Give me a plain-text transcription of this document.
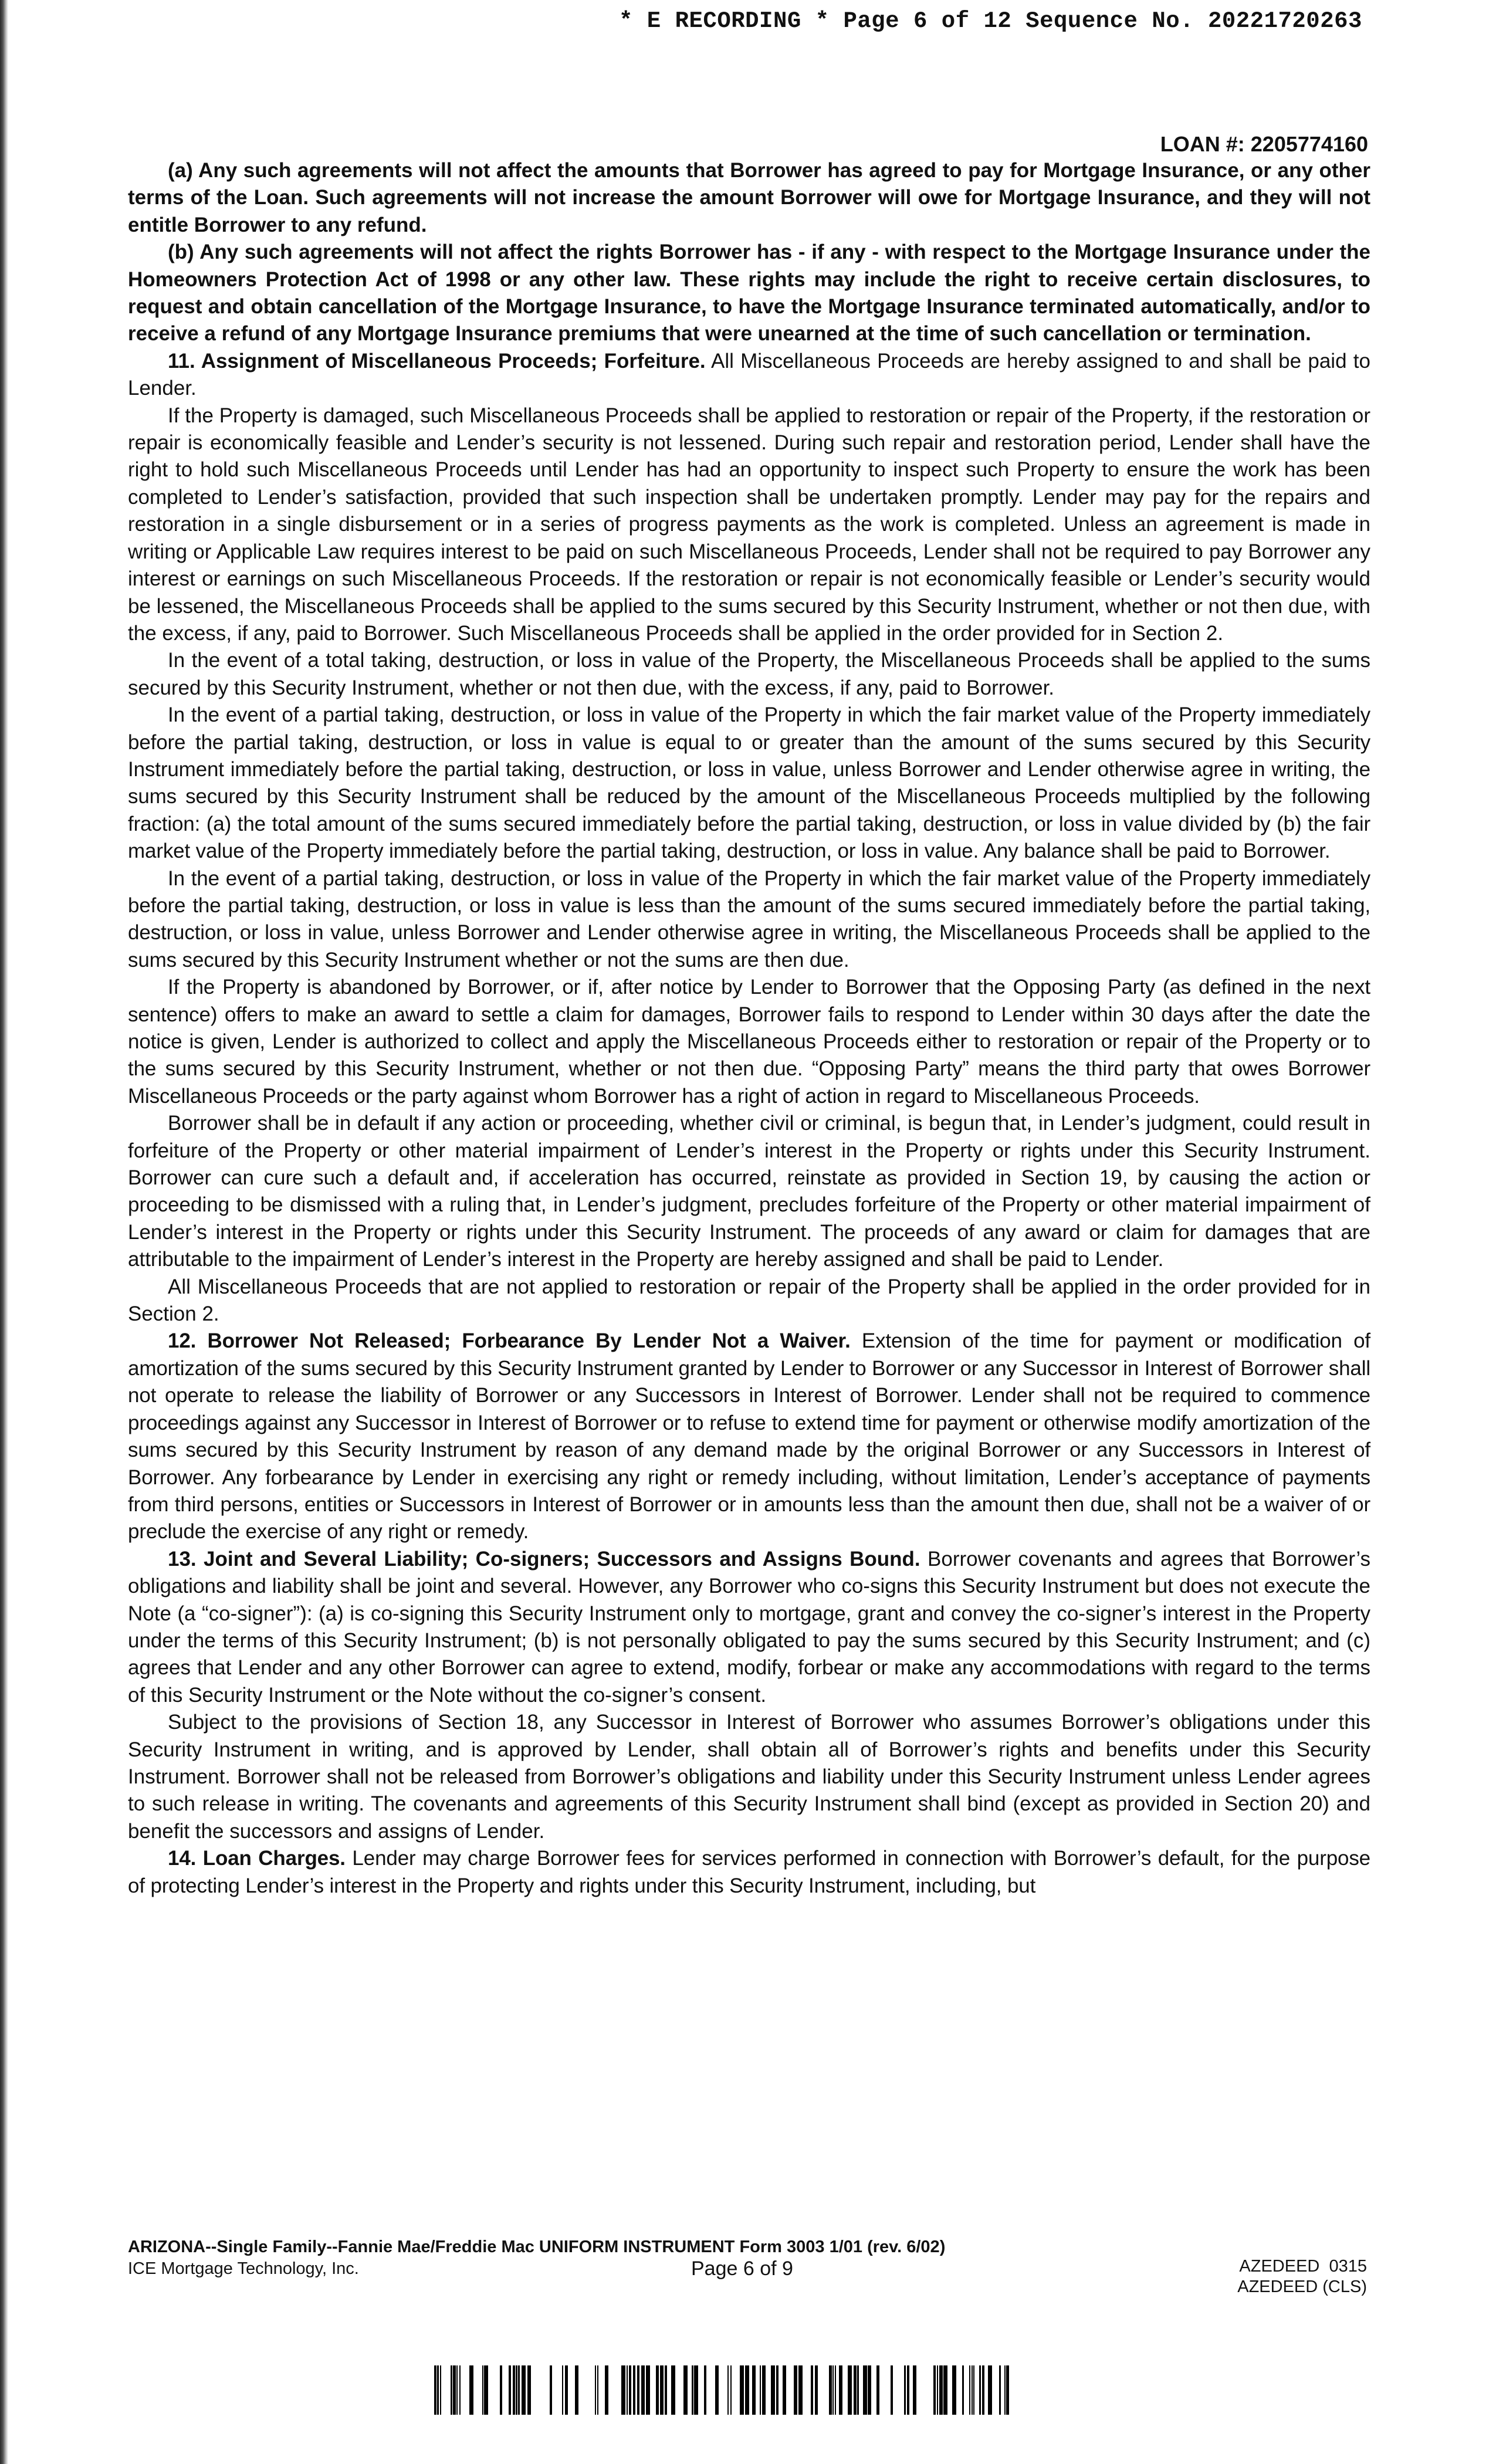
* E RECORDING * Page 6 of 12 Sequence No. 20221720263
LOAN #: 2205774160

(a) Any such agreements will not affect the amounts that Borrower has agreed to pay for Mortgage Insurance, or any other terms of the Loan. Such agreements will not increase the amount Borrower will owe for Mortgage Insurance, and they will not entitle Borrower to any refund.

(b) Any such agreements will not affect the rights Borrower has - if any - with respect to the Mortgage Insurance under the Homeowners Protection Act of 1998 or any other law. These rights may include the right to receive certain disclosures, to request and obtain cancellation of the Mortgage Insurance, to have the Mortgage Insurance terminated automatically, and/or to receive a refund of any Mortgage Insurance premiums that were unearned at the time of such cancellation or termination.

11. Assignment of Miscellaneous Proceeds; Forfeiture. All Miscellaneous Proceeds are hereby assigned to and shall be paid to Lender.

If the Property is damaged, such Miscellaneous Proceeds shall be applied to restoration or repair of the Property, if the restoration or repair is economically feasible and Lender’s security is not lessened. During such repair and restoration period, Lender shall have the right to hold such Miscellaneous Proceeds until Lender has had an opportunity to inspect such Property to ensure the work has been completed to Lender’s satisfaction, provided that such inspection shall be undertaken promptly. Lender may pay for the repairs and restoration in a single disbursement or in a series of progress payments as the work is completed. Unless an agreement is made in writing or Applicable Law requires interest to be paid on such Miscellaneous Proceeds, Lender shall not be required to pay Borrower any interest or earnings on such Miscellaneous Proceeds. If the restoration or repair is not economically feasible or Lender’s security would be lessened, the Miscellaneous Proceeds shall be applied to the sums secured by this Security Instrument, whether or not then due, with the excess, if any, paid to Borrower. Such Miscellaneous Proceeds shall be applied in the order provided for in Section 2.

In the event of a total taking, destruction, or loss in value of the Property, the Miscellaneous Proceeds shall be applied to the sums secured by this Security Instrument, whether or not then due, with the excess, if any, paid to Borrower.

In the event of a partial taking, destruction, or loss in value of the Property in which the fair market value of the Property immediately before the partial taking, destruction, or loss in value is equal to or greater than the amount of the sums secured by this Security Instrument immediately before the partial taking, destruction, or loss in value, unless Borrower and Lender otherwise agree in writing, the sums secured by this Security Instrument shall be reduced by the amount of the Miscellaneous Proceeds multiplied by the following fraction: (a) the total amount of the sums secured immediately before the partial taking, destruction, or loss in value divided by (b) the fair market value of the Property immediately before the partial taking, destruction, or loss in value. Any balance shall be paid to Borrower.

In the event of a partial taking, destruction, or loss in value of the Property in which the fair market value of the Property immediately before the partial taking, destruction, or loss in value is less than the amount of the sums secured immediately before the partial taking, destruction, or loss in value, unless Borrower and Lender otherwise agree in writing, the Miscellaneous Proceeds shall be applied to the sums secured by this Security Instrument whether or not the sums are then due.

If the Property is abandoned by Borrower, or if, after notice by Lender to Borrower that the Opposing Party (as defined in the next sentence) offers to make an award to settle a claim for damages, Borrower fails to respond to Lender within 30 days after the date the notice is given, Lender is authorized to collect and apply the Miscellaneous Proceeds either to restoration or repair of the Property or to the sums secured by this Security Instrument, whether or not then due. “Opposing Party” means the third party that owes Borrower Miscellaneous Proceeds or the party against whom Borrower has a right of action in regard to Miscellaneous Proceeds.

Borrower shall be in default if any action or proceeding, whether civil or criminal, is begun that, in Lender’s judgment, could result in forfeiture of the Property or other material impairment of Lender’s interest in the Property or rights under this Security Instrument. Borrower can cure such a default and, if acceleration has occurred, reinstate as provided in Section 19, by causing the action or proceeding to be dismissed with a ruling that, in Lender’s judgment, precludes forfeiture of the Property or other material impairment of Lender’s interest in the Property or rights under this Security Instrument. The proceeds of any award or claim for damages that are attributable to the impairment of Lender’s interest in the Property are hereby assigned and shall be paid to Lender.

All Miscellaneous Proceeds that are not applied to restoration or repair of the Property shall be applied in the order provided for in Section 2.

12. Borrower Not Released; Forbearance By Lender Not a Waiver. Extension of the time for payment or modification of amortization of the sums secured by this Security Instrument granted by Lender to Borrower or any Successor in Interest of Borrower shall not operate to release the liability of Borrower or any Successors in Interest of Borrower. Lender shall not be required to commence proceedings against any Successor in Interest of Borrower or to refuse to extend time for payment or otherwise modify amortization of the sums secured by this Security Instrument by reason of any demand made by the original Borrower or any Successors in Interest of Borrower. Any forbearance by Lender in exercising any right or remedy including, without limitation, Lender’s acceptance of payments from third persons, entities or Successors in Interest of Borrower or in amounts less than the amount then due, shall not be a waiver of or preclude the exercise of any right or remedy.

13. Joint and Several Liability; Co-signers; Successors and Assigns Bound. Borrower covenants and agrees that Borrower’s obligations and liability shall be joint and several. However, any Borrower who co-signs this Security Instrument but does not execute the Note (a “co-signer”): (a) is co-signing this Security Instrument only to mortgage, grant and convey the co-signer’s interest in the Property under the terms of this Security Instrument; (b) is not personally obligated to pay the sums secured by this Security Instrument; and (c) agrees that Lender and any other Borrower can agree to extend, modify, forbear or make any accommodations with regard to the terms of this Security Instrument or the Note without the co-signer’s consent.

Subject to the provisions of Section 18, any Successor in Interest of Borrower who assumes Borrower’s obligations under this Security Instrument in writing, and is approved by Lender, shall obtain all of Borrower’s rights and benefits under this Security Instrument. Borrower shall not be released from Borrower’s obligations and liability under this Security Instrument unless Lender agrees to such release in writing. The covenants and agreements of this Security Instrument shall bind (except as provided in Section 20) and benefit the successors and assigns of Lender.

14. Loan Charges. Lender may charge Borrower fees for services performed in connection with Borrower’s default, for the purpose of protecting Lender’s interest in the Property and rights under this Security Instrument, including, but

ARIZONA--Single Family--Fannie Mae/Freddie Mac UNIFORM INSTRUMENT Form 3003 1/01 (rev. 6/02)
ICE Mortgage Technology, Inc.	Page 6 of 9	AZEDEED  0315
AZEDEED (CLS)
